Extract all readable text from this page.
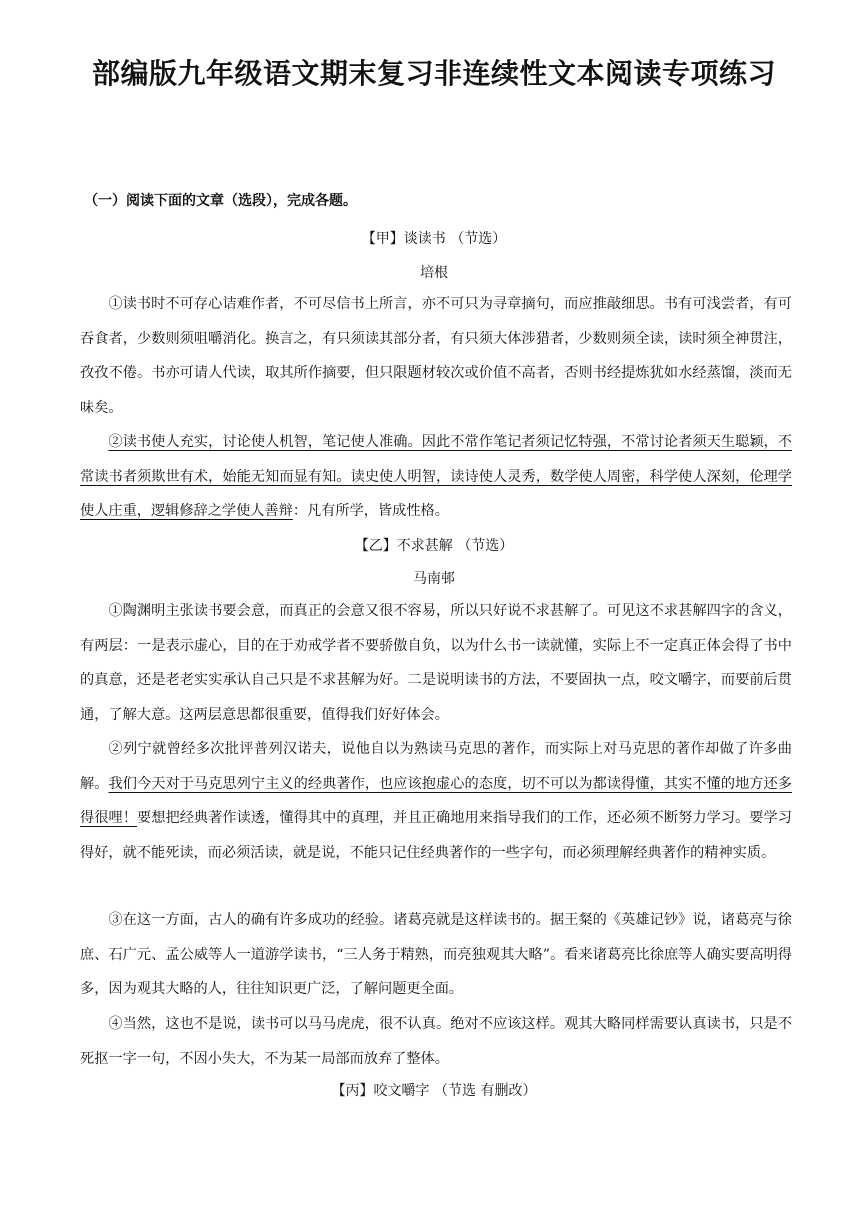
部编版九年级语文期末复习非连续性文本阅读专项练习

（一）阅读下面的文章（选段），完成各题。

【甲】谈读书 （节选）

培根

①读书时不可存心诘难作者，不可尽信书上所言，亦不可只为寻章摘句，而应推敲细思。书有可浅尝者，有可吞食者，少数则须咀嚼消化。换言之，有只须读其部分者，有只须大体涉猎者，少数则须全读，读时须全神贯注，孜孜不倦。书亦可请人代读，取其所作摘要，但只限题材较次或价值不高者，否则书经提炼犹如水经蒸馏，淡而无味矣。

②读书使人充实，讨论使人机智，笔记使人准确。因此不常作笔记者须记忆特强，不常讨论者须天生聪颖，不常读书者须欺世有术，始能无知而显有知。读史使人明智，读诗使人灵秀，数学使人周密，科学使人深刻，伦理学使人庄重，逻辑修辞之学使人善辩：凡有所学，皆成性格。

【乙】不求甚解 （节选）

马南邨

①陶渊明主张读书要会意，而真正的会意又很不容易，所以只好说不求甚解了。可见这不求甚解四字的含义，有两层：一是表示虚心，目的在于劝戒学者不要骄傲自负，以为什么书一读就懂，实际上不一定真正体会得了书中的真意，还是老老实实承认自己只是不求甚解为好。二是说明读书的方法，不要固执一点，咬文嚼字，而要前后贯通，了解大意。这两层意思都很重要，值得我们好好体会。

②列宁就曾经多次批评普列汉诺夫，说他自以为熟读马克思的著作，而实际上对马克思的著作却做了许多曲解。我们今天对于马克思列宁主义的经典著作，也应该抱虚心的态度，切不可以为都读得懂，其实不懂的地方还多得很哩！要想把经典著作读透，懂得其中的真理，并且正确地用来指导我们的工作，还必须不断努力学习。要学习得好，就不能死读，而必须活读，就是说，不能只记住经典著作的一些字句，而必须理解经典著作的精神实质。

③在这一方面，古人的确有许多成功的经验。诸葛亮就是这样读书的。据王粲的《英雄记钞》说，诸葛亮与徐庶、石广元、孟公威等人一道游学读书，“三人务于精熟，而亮独观其大略”。看来诸葛亮比徐庶等人确实要高明得多，因为观其大略的人，往往知识更广泛，了解问题更全面。

④当然，这也不是说，读书可以马马虎虎，很不认真。绝对不应该这样。观其大略同样需要认真读书，只是不死抠一字一句，不因小失大，不为某一局部而放弃了整体。

【丙】咬文嚼字 （节选 有删改）
